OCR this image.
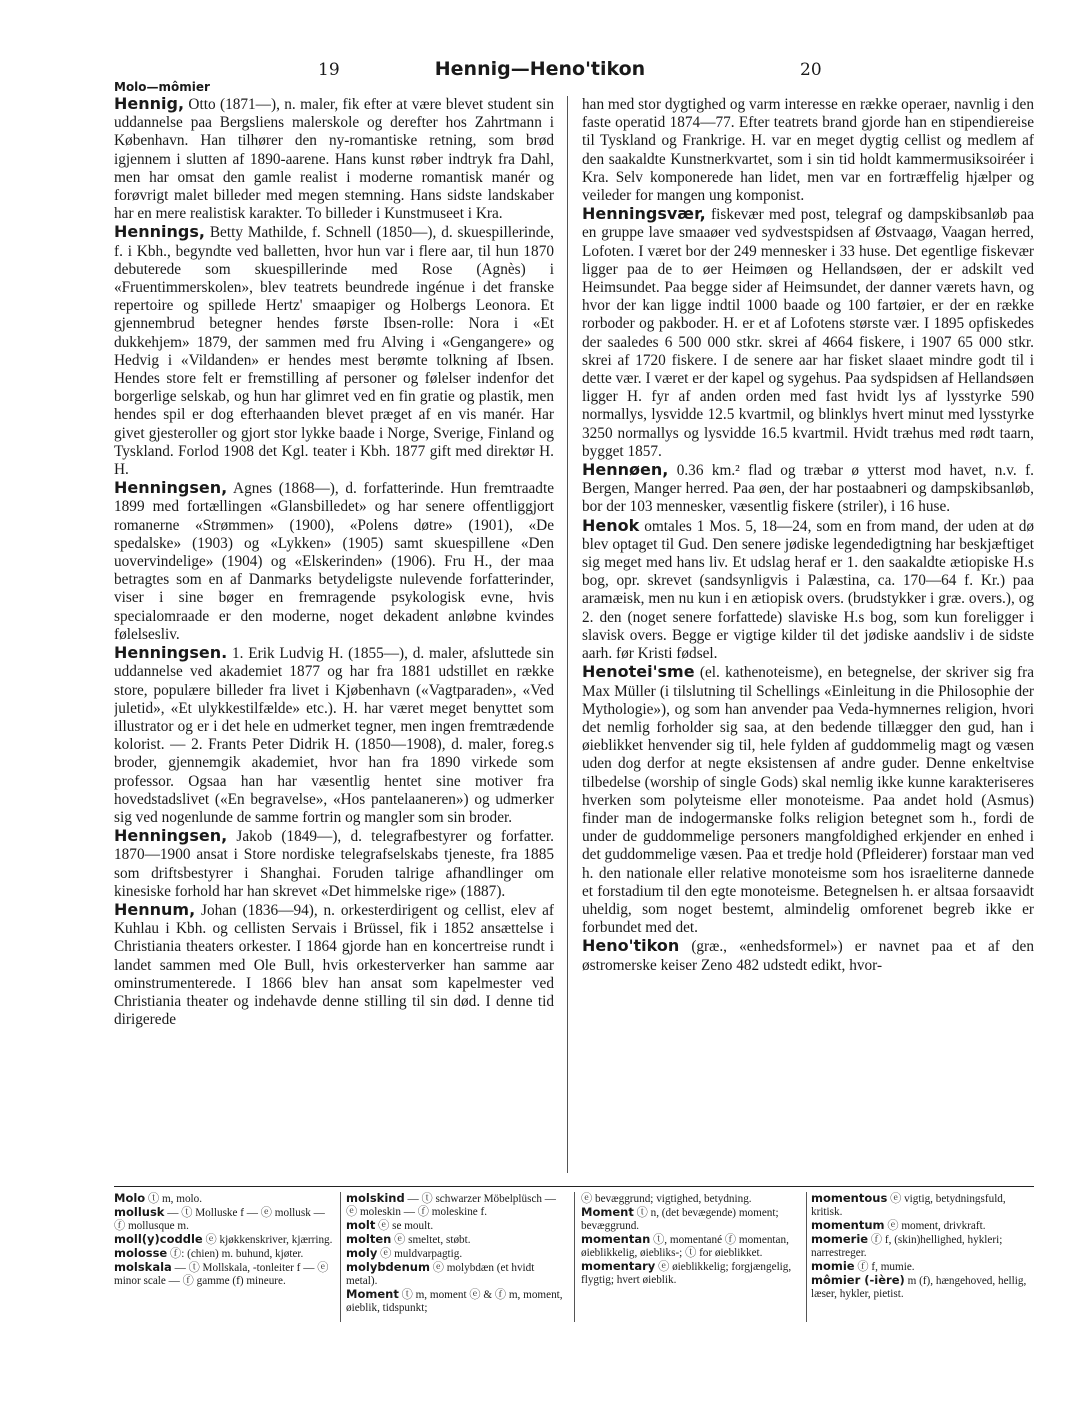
19	Hennig—Heno'tikon	20
Molo—mômier

Hennig, Otto (1871—), n. maler, fik efter at være blevet student sin uddannelse paa Bergsliens malerskole og derefter hos Zahrtmann i København. Han tilhører den ny-romantiske retning, som brød igjennem i slutten af 1890-aarene. Hans kunst røber indtryk fra Dahl, men har omsat den gamle realist i moderne romantisk manér og forøvrigt malet billeder med megen stemning. Hans sidste landskaber har en mere realistisk karakter. To billeder i Kunstmuseet i Kra.

Hennings, Betty Mathilde, f. Schnell (1850—), d. skuespillerinde, f. i Kbh., begyndte ved balletten, hvor hun var i flere aar, til hun 1870 debuterede som skuespillerinde med Rose (Agnès) i «Fruentimmerskolen», blev teatrets beundrede ingénue i det franske repertoire og spillede Hertz' smaapiger og Holbergs Leonora. Et gjennembrud betegner hendes første Ibsen-rolle: Nora i «Et dukkehjem» 1879, der sammen med fru Alving i «Gengangere» og Hedvig i «Vildanden» er hendes mest berømte tolkning af Ibsen. Hendes store felt er fremstilling af personer og følelser indenfor det borgerlige selskab, og hun har glimret ved en fin gratie og plastik, men hendes spil er dog efterhaanden blevet præget af en vis manér. Har givet gjesteroller og gjort stor lykke baade i Norge, Sverige, Finland og Tyskland. Forlod 1908 det Kgl. teater i Kbh. 1877 gift med direktør H. H.

Henningsen, Agnes (1868—), d. forfatterinde. Hun fremtraadte 1899 med fortællingen «Glansbilledet» og har senere offentliggjort romanerne «Strømmen» (1900), «Polens døtre» (1901), «De spedalske» (1903) og «Lykken» (1905) samt skuespillene «Den uovervindelige» (1904) og «Elskerinden» (1906). Fru H., der maa betragtes som en af Danmarks betydeligste nulevende forfatterinder, viser i sine bøger en fremragende psykologisk evne, hvis specialomraade er den moderne, noget dekadent anløbne kvindes følelsesliv.

Henningsen. 1. Erik Ludvig H. (1855—), d. maler, afsluttede sin uddannelse ved akademiet 1877 og har fra 1881 udstillet en række store, populære billeder fra livet i Kjøbenhavn («Vagtparaden», «Ved juletid», «Et ulykkestilfælde» etc.). H. har været meget benyttet som illustrator og er i det hele en udmerket tegner, men ingen fremtrædende kolorist. — 2. Frants Peter Didrik H. (1850—1908), d. maler, foreg.s broder, gjennemgik akademiet, hvor han fra 1890 virkede som professor. Ogsaa han har væsentlig hentet sine motiver fra hovedstadslivet («En begravelse», «Hos pantelaaneren») og udmerker sig ved nogenlunde de samme fortrin og mangler som sin broder.

Henningsen, Jakob (1849—), d. telegrafbestyrer og forfatter. 1870—1900 ansat i Store nordiske telegrafselskabs tjeneste, fra 1885 som driftsbestyrer i Shanghai. Foruden talrige afhandlinger om kinesiske forhold har han skrevet «Det himmelske rige» (1887).

Hennum, Johan (1836—94), n. orkesterdirigent og cellist, elev af Kuhlau i Kbh. og cellisten Servais i Brüssel, fik i 1852 ansættelse i Christiania theaters orkester. I 1864 gjorde han en koncertreise rundt i landet sammen med Ole Bull, hvis orkesterverker han samme aar ominstrumenterede. I 1866 blev han ansat som kapelmester ved Christiania theater og indehavde denne stilling til sin død. I denne tid dirigerede

han med stor dygtighed og varm interesse en række operaer, navnlig i den faste operatid 1874—77. Efter teatrets brand gjorde han en stipendiereise til Tyskland og Frankrige. H. var en meget dygtig cellist og medlem af den saakaldte Kunstnerkvartet, som i sin tid holdt kammermusiksoiréer i Kra. Selv komponerede han lidet, men var en fortræffelig hjælper og veileder for mangen ung komponist.

Henningsvær, fiskevær med post, telegraf og dampskibsanløb paa en gruppe lave smaaøer ved sydvestspidsen af Østvaagø, Vaagan herred, Lofoten. I været bor der 249 mennesker i 33 huse. Det egentlige fiskevær ligger paa de to øer Heimøen og Hellandsøen, der er adskilt ved Heimsundet. Paa begge sider af Heimsundet, der danner værets havn, og hvor der kan ligge indtil 1000 baade og 100 fartøier, er der en række rorboder og pakboder. H. er et af Lofotens største vær. I 1895 opfiskedes der saaledes 6 500 000 stkr. skrei af 4664 fiskere, i 1907 65 000 stkr. skrei af 1720 fiskere. I de senere aar har fisket slaaet mindre godt til i dette vær. I været er der kapel og sygehus. Paa sydspidsen af Hellandsøen ligger H. fyr af anden orden med fast hvidt lys af lysstyrke 590 normallys, lysvidde 12.5 kvartmil, og blinklys hvert minut med lysstyrke 3250 normallys og lysvidde 16.5 kvartmil. Hvidt træhus med rødt taarn, bygget 1857.

Hennøen, 0.36 km.² flad og træbar ø ytterst mod havet, n.v. f. Bergen, Manger herred. Paa øen, der har postaabneri og dampskibsanløb, bor der 103 mennesker, væsentlig fiskere (striler), i 16 huse.

Henok omtales 1 Mos. 5, 18—24, som en from mand, der uden at dø blev optaget til Gud. Den senere jødiske legendedigtning har beskjæftiget sig meget med hans liv. Et udslag heraf er 1. den saakaldte ætiopiske H.s bog, opr. skrevet (sandsynligvis i Palæstina, ca. 170—64 f. Kr.) paa aramæisk, men nu kun i en ætiopisk overs. (brudstykker i ⁠græ. overs.), og 2. den (noget senere forfattede) slaviske H.s bog, som kun foreligger i slavisk overs. Begge er vigtige kilder til det jødiske aandsliv i de sidste aarh. før Kristi fødsel.

Henotei'sme (el. kathenoteisme), en betegnelse, der skriver sig fra Max Müller (i tilslutning til Schellings «Einleitung in die Philosophie der Mythologie»), og som han anvender paa Veda-hymnernes religion, hvori det nemlig forholder sig saa, at den bedende tillægger den gud, han i øieblikket henvender sig til, hele fylden af guddommelig magt og væsen uden dog derfor at negte eksistensen af andre guder. Denne enkeltvise tilbedelse (worship of single Gods) skal nemlig ikke kunne karakteriseres hverken som polyteisme eller monoteisme. Paa andet hold (Asmus) finder man de indogermanske folks religion betegnet som h., fordi de under de guddommelige personers mangfoldighed erkjender en enhed i det guddommelige væsen. Paa et tredje hold (Pfleiderer) forstaar man ved h. den nationale eller relative monoteisme som hos israeliterne dannede et forstadium til den egte monoteisme. Betegnelsen h. er altsaa forsaavidt uheldig, som noget bestemt, almindelig omforenet begreb ikke er forbundet med det.

Heno'tikon (græ., «enhedsformel») er navnet paa et af den østromerske keiser Zeno 482 udstedt edikt, hvor-

Molo ⓣ m, molo.
mollusk — ⓣ Molluske f — ⓔ mollusk — ⓕ mollusque m.
moll(y)coddle ⓔ kjøkkenskriver, kjærring.
molosse ⓕ: (chien) m. buhund, kjøter.
molskala — ⓣ Mollskala, -tonleiter f — ⓔ minor scale — ⓕ gamme (f) mineure.
molskind — ⓣ schwarzer Möbelplüsch — ⓔ moleskin — ⓕ moleskine f.
molt ⓔ se moult.
molten ⓔ smeltet, støbt.
moly ⓔ muldvarpagtig.
molybdenum ⓔ molybdæn (et hvidt metal).
Moment ⓣ m, moment ⓔ & ⓕ m, moment, øieblik, tidspunkt;
ⓔ bevæggrund; vigtighed, betydning.
Moment ⓣ n, (det bevægende) moment; bevæggrund.
momentan ⓣ, momentané ⓕ momentan, øieblikkelig, øiebliks-; ⓣ for øieblikket.
momentary ⓔ øieblikkelig; forgjængelig, flygtig; hvert øieblik.
momentous ⓔ vigtig, betydningsfuld, kritisk.
momentum ⓔ moment, drivkraft.
momerie ⓕ f, (skin)hellighed, hykleri; narrestreger.
momie ⓕ f, mumie.
mômier (-ière) m (f), hængehoved, hellig, læser, hykler, pietist.
